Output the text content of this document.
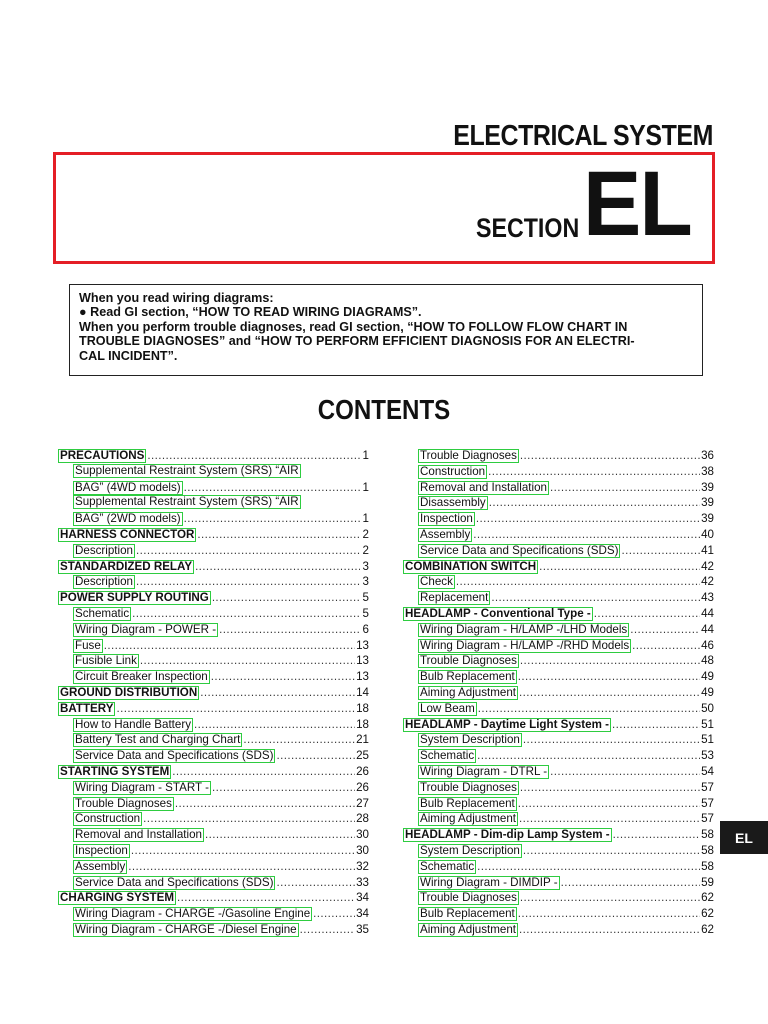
ELECTRICAL SYSTEM
SECTION EL
When you read wiring diagrams:
● Read GI section, “HOW TO READ WIRING DIAGRAMS”.
When you perform trouble diagnoses, read GI section, “HOW TO FOLLOW FLOW CHART IN
TROUBLE DIAGNOSES” and “HOW TO PERFORM EFFICIENT DIAGNOSIS FOR AN ELECTRI-
CAL INCIDENT”.
CONTENTS
PRECAUTIONS .....	1
Supplemental Restraint System (SRS) “AIR
BAG” (4WD models) .....	1
Supplemental Restraint System (SRS) “AIR
BAG” (2WD models) .....	1
HARNESS CONNECTOR .....	2
Description .....	2
STANDARDIZED RELAY .....	3
Description .....	3
POWER SUPPLY ROUTING .....	5
Schematic .....	5
Wiring Diagram - POWER - .....	6
Fuse .....	13
Fusible Link .....	13
Circuit Breaker Inspection .....	13
GROUND DISTRIBUTION .....	14
BATTERY .....	18
How to Handle Battery .....	18
Battery Test and Charging Chart .....	21
Service Data and Specifications (SDS) .....	25
STARTING SYSTEM .....	26
Wiring Diagram - START - .....	26
Trouble Diagnoses .....	27
Construction .....	28
Removal and Installation .....	30
Inspection .....	30
Assembly .....	32
Service Data and Specifications (SDS) .....	33
CHARGING SYSTEM .....	34
Wiring Diagram - CHARGE -/Gasoline Engine .....	34
Wiring Diagram - CHARGE -/Diesel Engine .....	35
Trouble Diagnoses .....	36
Construction .....	38
Removal and Installation .....	39
Disassembly .....	39
Inspection .....	39
Assembly .....	40
Service Data and Specifications (SDS) .....	41
COMBINATION SWITCH .....	42
Check .....	42
Replacement .....	43
HEADLAMP - Conventional Type - .....	44
Wiring Diagram - H/LAMP -/LHD Models .....	44
Wiring Diagram - H/LAMP -/RHD Models .....	46
Trouble Diagnoses .....	48
Bulb Replacement .....	49
Aiming Adjustment .....	49
Low Beam .....	50
HEADLAMP - Daytime Light System - .....	51
System Description .....	51
Schematic .....	53
Wiring Diagram - DTRL - .....	54
Trouble Diagnoses .....	57
Bulb Replacement .....	57
Aiming Adjustment .....	57
HEADLAMP - Dim-dip Lamp System - .....	58
System Description .....	58
Schematic .....	58
Wiring Diagram - DIMDIP - .....	59
Trouble Diagnoses .....	62
Bulb Replacement .....	62
Aiming Adjustment .....	62
EL
